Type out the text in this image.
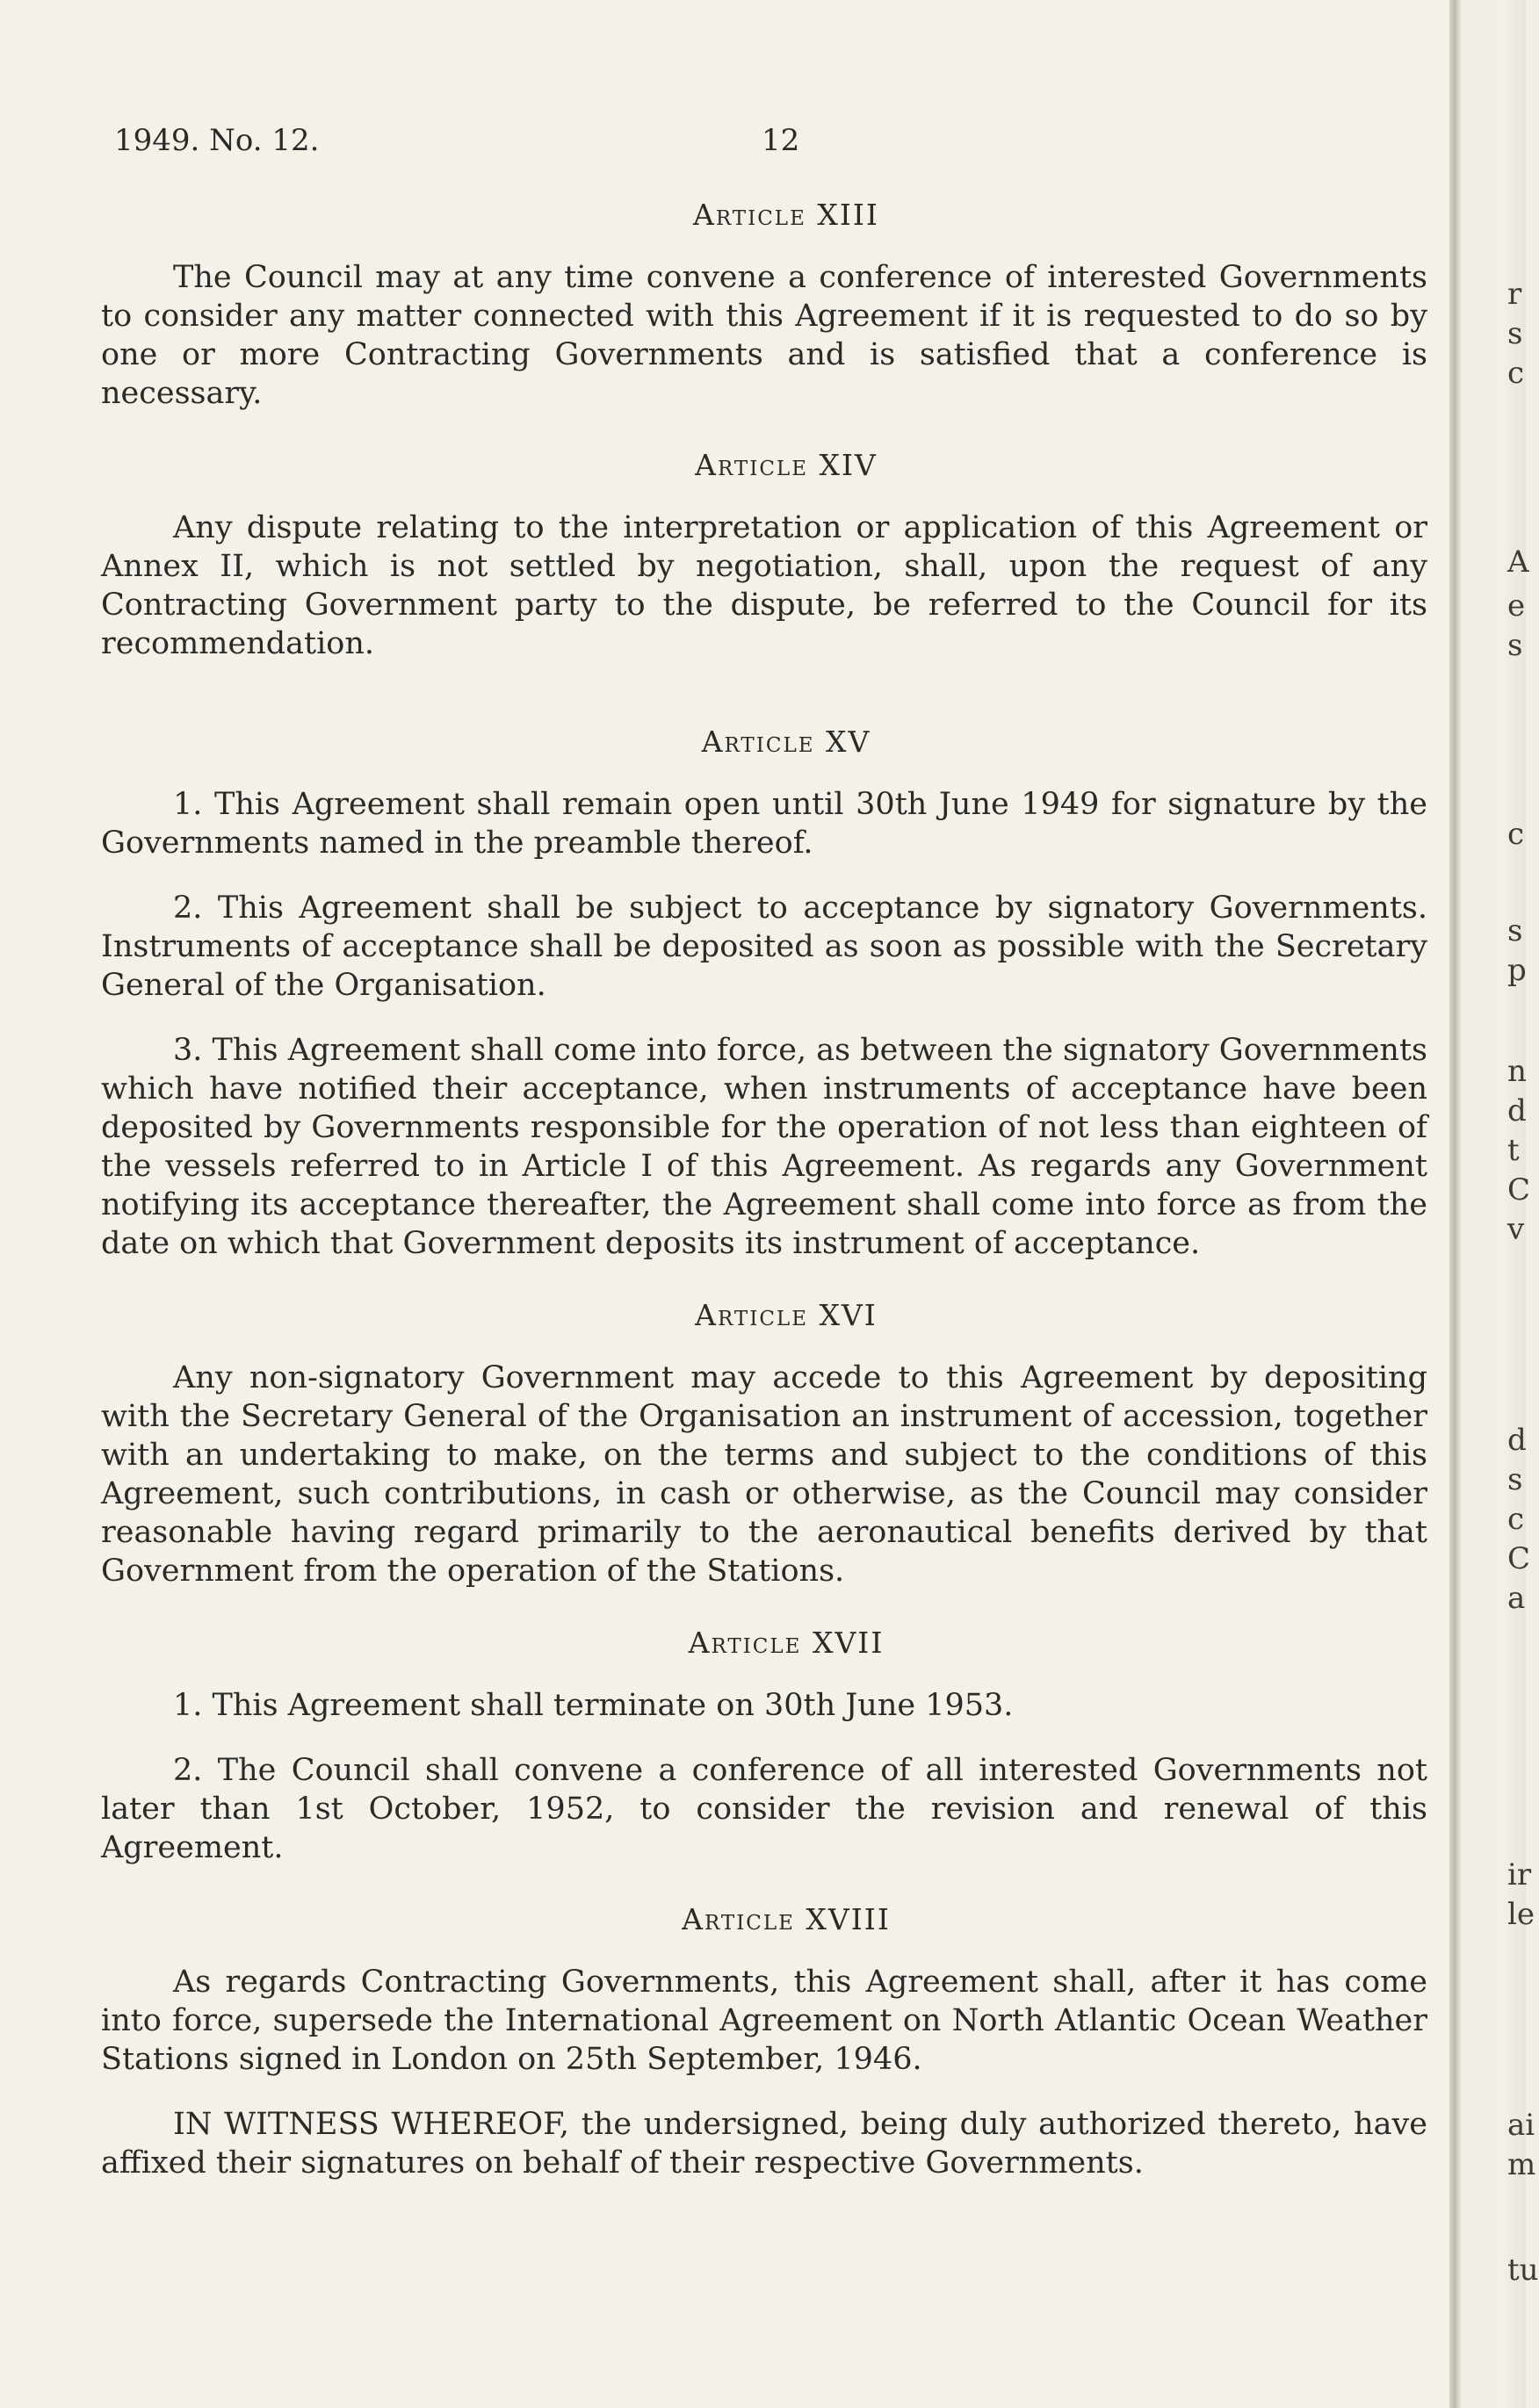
1949. No. 12.	12
Article XIII

The Council may at any time convene a conference of interested Governments to consider any matter connected with this Agreement if it is requested to do so by one or more Contracting Governments and is satisfied that a conference is necessary.

Article XIV

Any dispute relating to the interpretation or application of this Agreement or Annex II, which is not settled by negotiation, shall, upon the request of any Contracting Government party to the dispute, be referred to the Council for its recommendation.

Article XV

1. This Agreement shall remain open until 30th June 1949 for signature by the Governments named in the preamble thereof.

2. This Agreement shall be subject to acceptance by signatory Governments. Instruments of acceptance shall be deposited as soon as possible with the Secretary General of the Organisation.

3. This Agreement shall come into force, as between the signatory Governments which have notified their acceptance, when instruments of acceptance have been deposited by Governments responsible for the operation of not less than eighteen of the vessels referred to in Article I of this Agreement. As regards any Government notifying its acceptance thereafter, the Agreement shall come into force as from the date on which that Government deposits its instrument of acceptance.

Article XVI

Any non-signatory Government may accede to this Agreement by depositing with the Secretary General of the Organisation an instrument of accession, together with an undertaking to make, on the terms and subject to the conditions of this Agreement, such contributions, in cash or otherwise, as the Council may consider reasonable having regard primarily to the aeronautical benefits derived by that Government from the operation of the Stations.

Article XVII

1. This Agreement shall terminate on 30th June 1953.

2. The Council shall convene a conference of all interested Governments not later than 1st October, 1952, to consider the revision and renewal of this Agreement.

Article XVIII

As regards Contracting Governments, this Agreement shall, after it has come into force, supersede the International Agreement on North Atlantic Ocean Weather Stations signed in London on 25th September, 1946.

IN WITNESS WHEREOF, the undersigned, being duly authorized thereto, have affixed their signatures on behalf of their respective Governments.

r
s
c
A
e
s
c
s
p
n
d
t
C
v
d
s
c
C
a
ir
le
ai
m
tu
